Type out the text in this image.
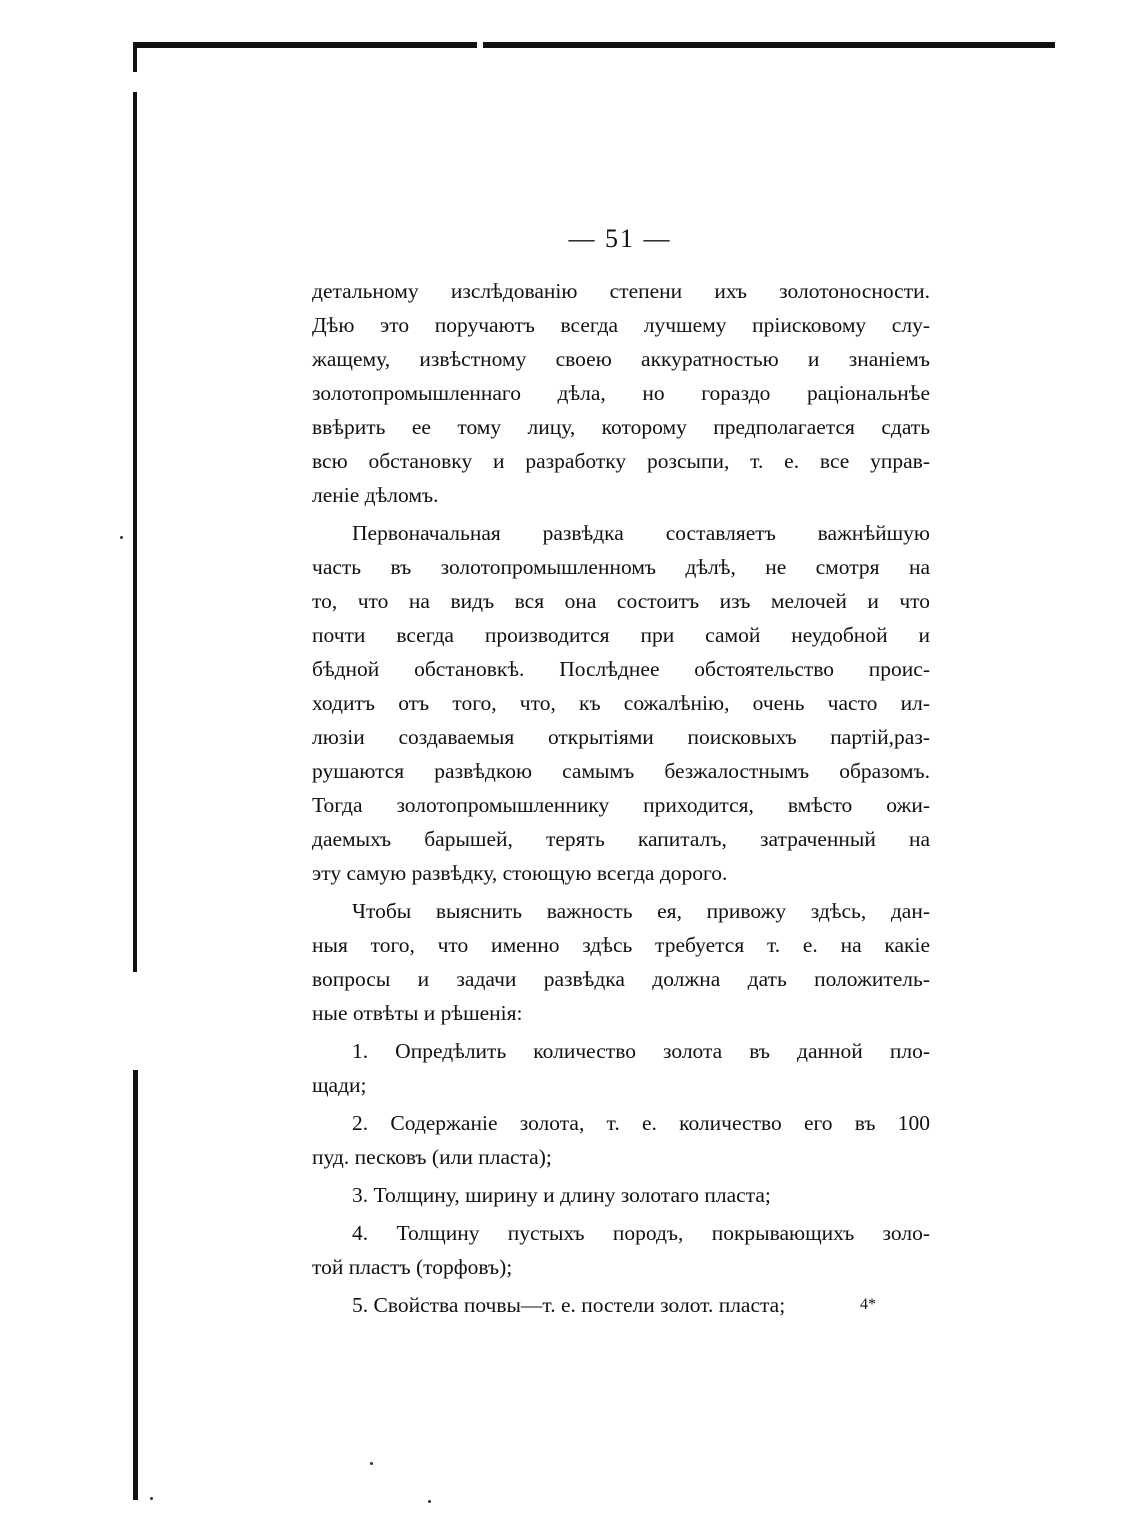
— 51 —
детальному изслѣдованiю степени ихъ золотоносности.
Дѣю это поручаютъ всегда лучшему прiисковому слу-
жащему, извѣстному своею аккуратностью и знанiемъ
золотопромышленнаго дѣла, но гораздо рацiональнѣе
ввѣрить ее тому лицу, которому предполагается сдать
всю обстановку и разработку розсыпи, т. е. все управ-
ленiе дѣломъ.
Первоначальная развѣдка составляетъ важнѣйшую
часть въ золотопромышленномъ дѣлѣ, не смотря на
то, что на видъ вся она состоитъ изъ мелочей и что
почти всегда производится при самой неудобной и
бѣдной обстановкѣ. Послѣднее обстоятельство проис-
ходитъ отъ того, что, къ сожалѣнiю, очень часто ил-
люзiи создаваемыя открытiями поисковыхъ партiй,раз-
рушаются развѣдкою самымъ безжалостнымъ образомъ.
Тогда золотопромышленнику приходится, вмѣсто ожи-
даемыхъ барышей, терять капиталъ, затраченный на
эту самую развѣдку, стоющую всегда дорого.
Чтобы выяснить важность ея, привожу здѣсь, дан-
ныя того, что именно здѣсь требуется т. е. на какiе
вопросы и задачи развѣдка должна дать положитель-
ные отвѣты и рѣшенiя:
1. Опредѣлить количество золота въ данной пло-
щади;
2. Содержанiе золота, т. е. количество его въ 100
пуд. песковъ (или пласта);
3. Толщину, ширину и длину золотаго пласта;
4. Толщину пустыхъ породъ, покрывающихъ золо-
той пластъ (торфовъ);
5. Свойства почвы—т. е. постели золот. пласта;	4*
